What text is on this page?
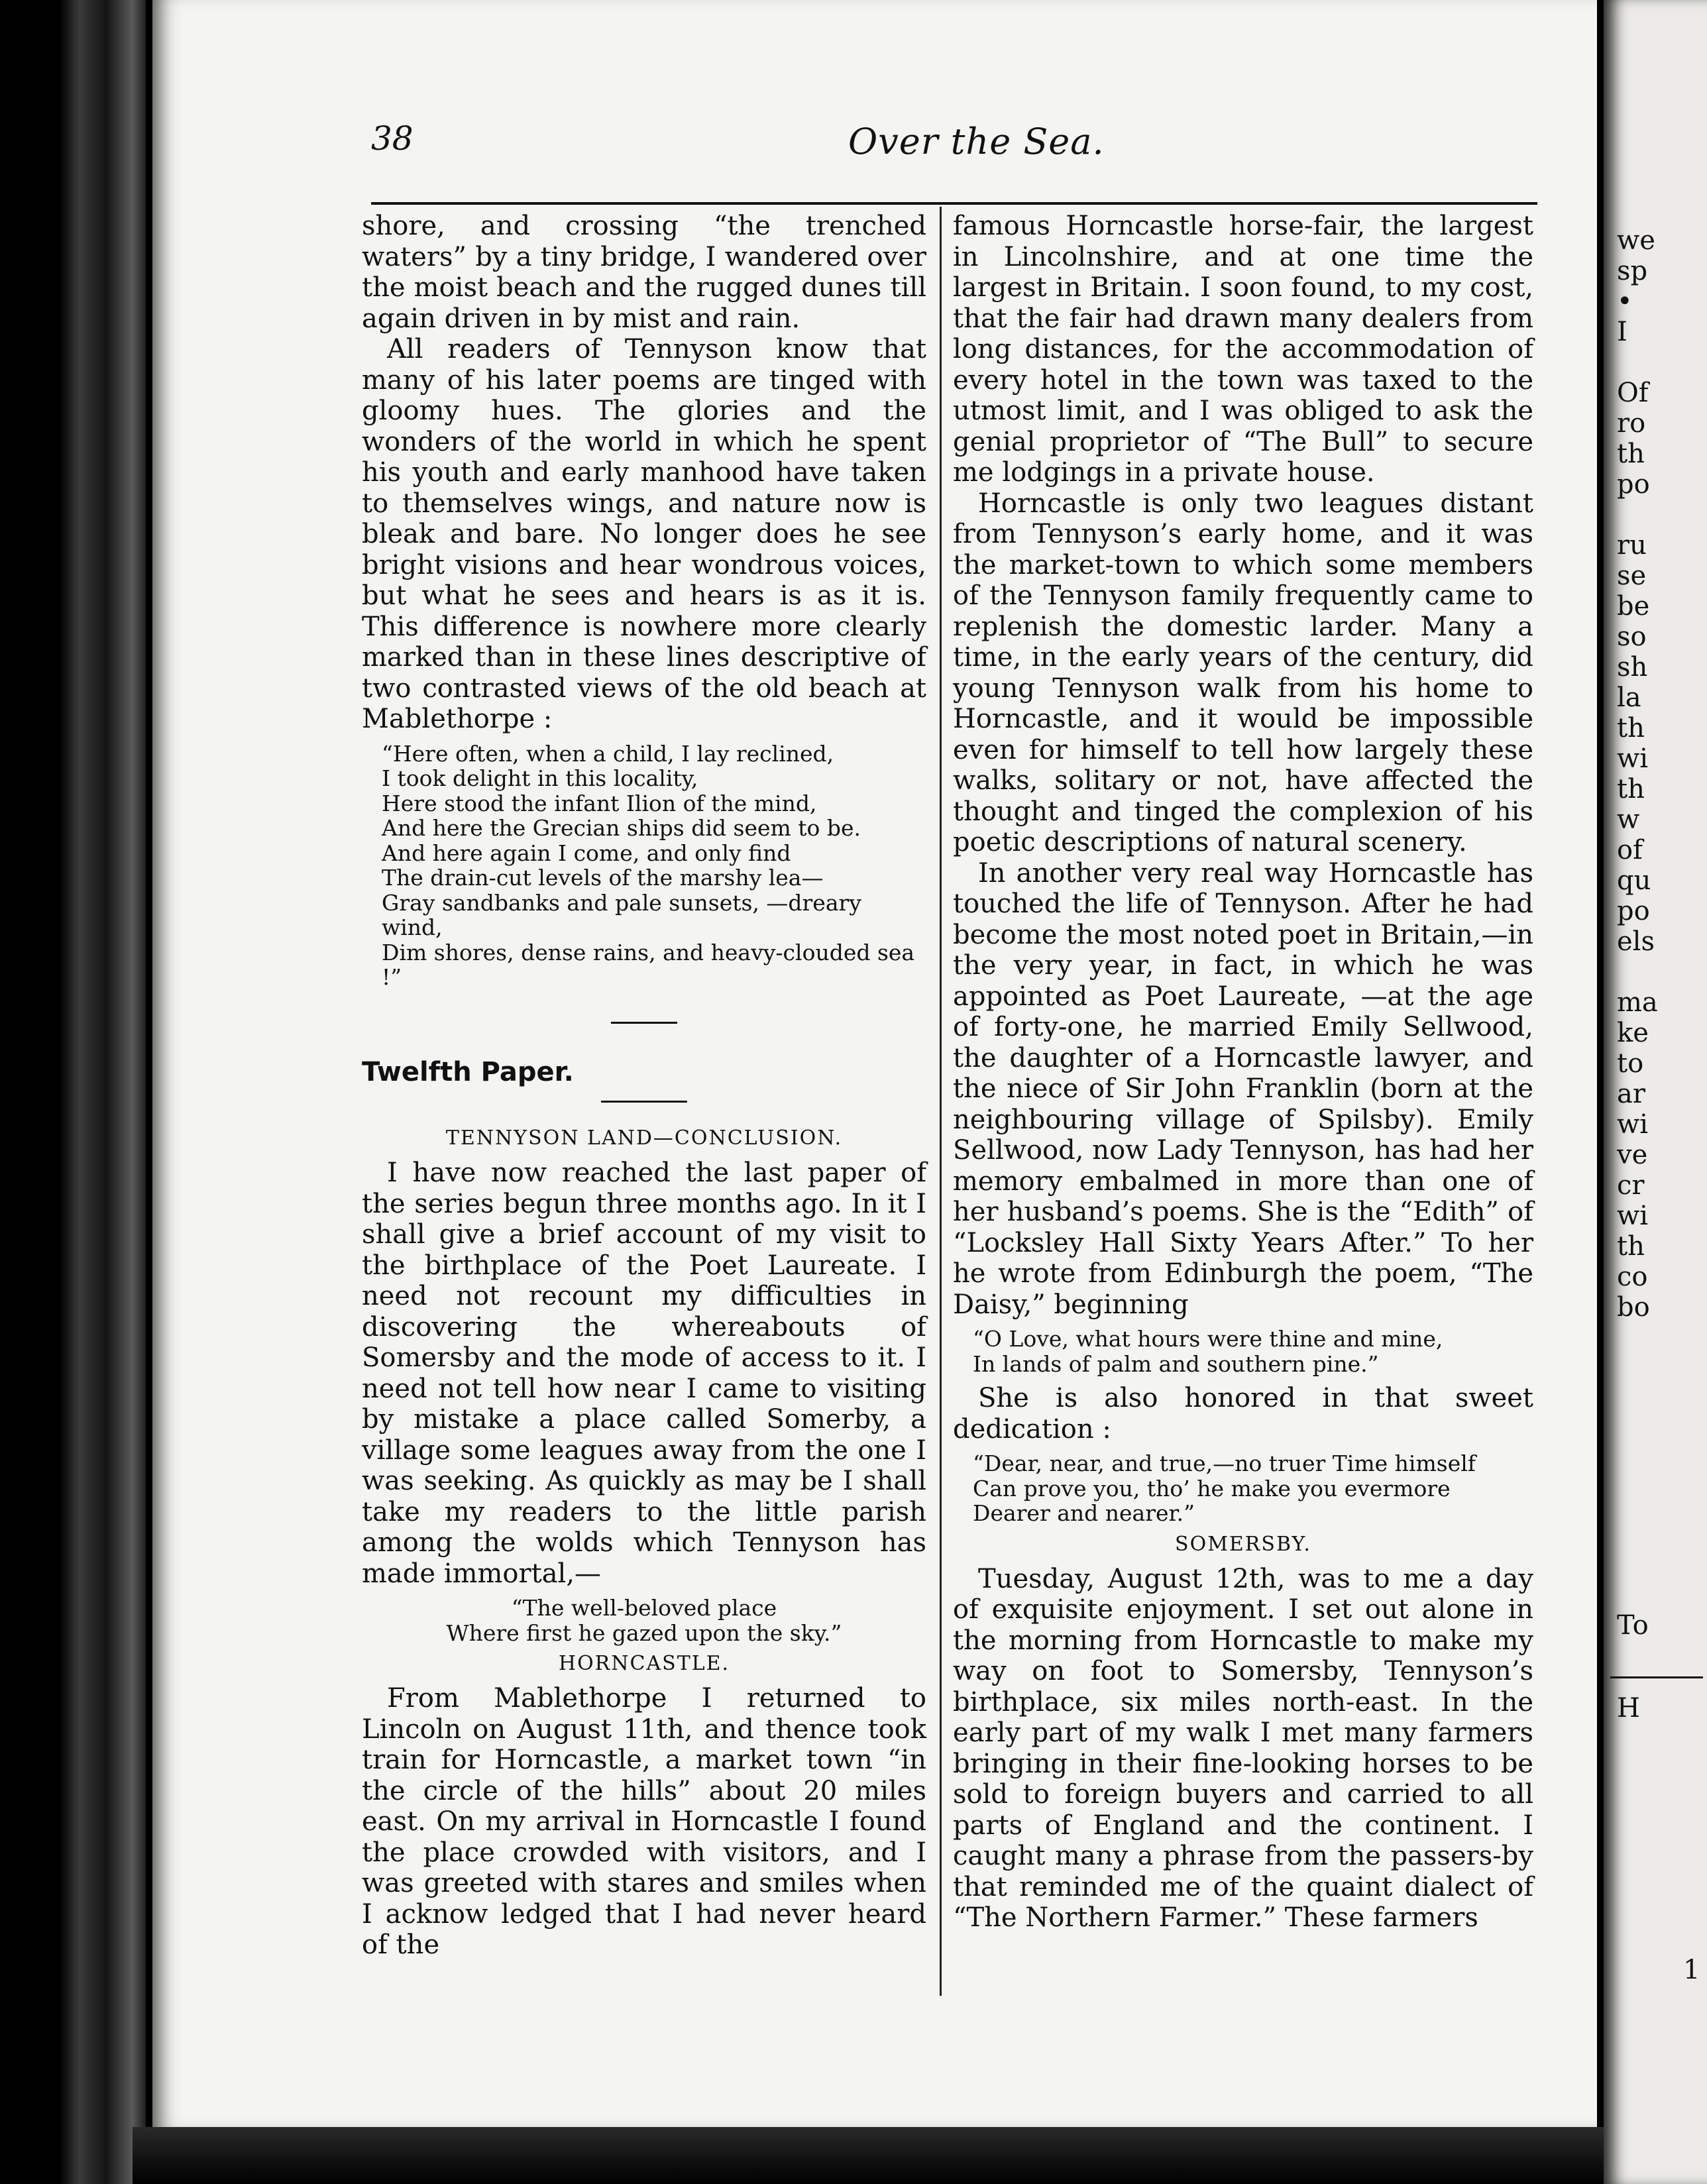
38	Over the Sea.

shore, and crossing “the trenched waters” by a tiny bridge, I wandered over the moist beach and the rugged dunes till again driven in by mist and rain.

All readers of Tennyson know that many of his later poems are tinged with gloomy hues. The glories and the wonders of the world in which he spent his youth and early manhood have taken to themselves wings, and nature now is bleak and bare. No longer does he see bright visions and hear wondrous voices, but what he sees and hears is as it is. This difference is nowhere more clearly marked than in these lines descriptive of two contrasted views of the old beach at Mablethorpe :

“Here often, when a child, I lay reclined,
I took delight in this locality,
Here stood the infant Ilion of the mind,
And here the Grecian ships did seem to be.
And here again I come, and only find
The drain-cut levels of the marshy lea—
Gray sandbanks and pale sunsets, —dreary wind,
Dim shores, dense rains, and heavy-clouded sea !”

Twelfth Paper.

TENNYSON LAND—CONCLUSION.

I have now reached the last paper of the series begun three months ago. In it I shall give a brief account of my visit to the birthplace of the Poet Laureate. I need not recount my difficulties in discovering the whereabouts of Somersby and the mode of access to it. I need not tell how near I came to visiting by mistake a place called Somerby, a village some leagues away from the one I was seeking. As quickly as may be I shall take my readers to the little parish among the wolds which Tennyson has made immortal,—

“The well-beloved place
Where first he gazed upon the sky.”
HORNCASTLE.

From Mablethorpe I returned to Lincoln on August 11th, and thence took train for Horncastle, a market town “in the circle of the hills” about 20 miles east. On my arrival in Horncastle I found the place crowded with visitors, and I was greeted with stares and smiles when I acknow ledged that I had never heard of the

famous Horncastle horse-fair, the largest in Lincolnshire, and at one time the largest in Britain. I soon found, to my cost, that the fair had drawn many dealers from long distances, for the accommodation of every hotel in the town was taxed to the utmost limit, and I was obliged to ask the genial proprietor of “The Bull” to secure me lodgings in a private house.

Horncastle is only two leagues distant from Tennyson’s early home, and it was the market-town to which some members of the Tennyson family frequently came to replenish the domestic larder. Many a time, in the early years of the century, did young Tennyson walk from his home to Horncastle, and it would be impossible even for himself to tell how largely these walks, solitary or not, have affected the thought and tinged the complexion of his poetic descriptions of natural scenery.

In another very real way Horncastle has touched the life of Tennyson. After he had become the most noted poet in Britain,—in the very year, in fact, in which he was appointed as Poet Laureate, —at the age of forty-one, he married Emily Sellwood, the daughter of a Horncastle lawyer, and the niece of Sir John Franklin (born at the neighbouring village of Spilsby). Emily Sellwood, now Lady Tennyson, has had her memory embalmed in more than one of her husband’s poems. She is the “Edith” of “Locksley Hall Sixty Years After.” To her he wrote from Edinburgh the poem, “The Daisy,” beginning

“O Love, what hours were thine and mine,
In lands of palm and southern pine.”

She is also honored in that sweet dedication :

“Dear, near, and true,—no truer Time himself
Can prove you, tho’ he make you evermore
Dearer and nearer.”
SOMERSBY.

Tuesday, August 12th, was to me a day of exquisite enjoyment. I set out alone in the morning from Horncastle to make my way on foot to Somersby, Tennyson’s birthplace, six miles north-east. In the early part of my walk I met many farmers bringing in their fine-looking horses to be sold to foreign buyers and carried to all parts of England and the continent. I caught many a phrase from the passers-by that reminded me of the quaint dialect of “The Northern Farmer.” These farmers

we
sp
•
I

Of
ro
th
po

ru
se
be
so
sh
la
th
wi
th
w
of
qu
po
els

ma
ke
to
ar
wi
ve
cr
wi
th
co
bo
To
H
1
